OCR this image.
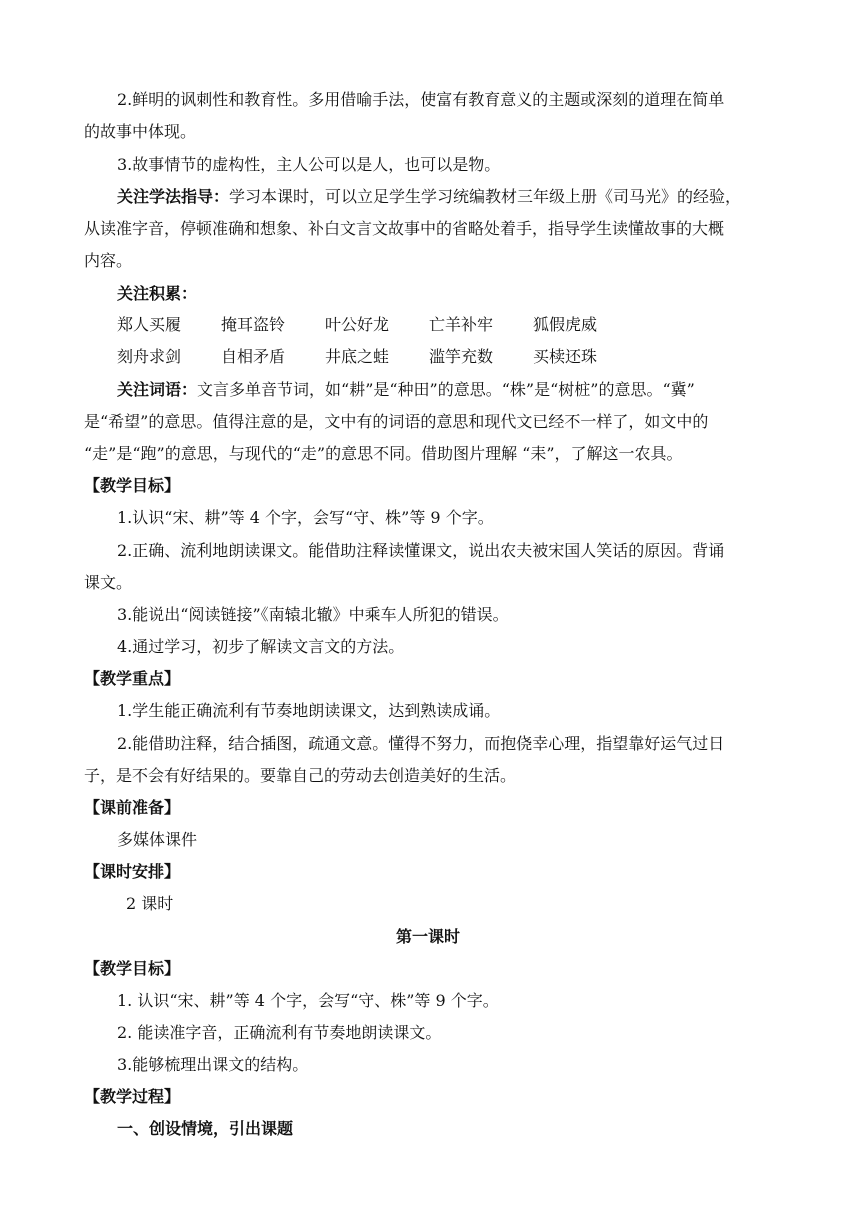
2.鲜明的讽刺性和教育性。多用借喻手法，使富有教育意义的主题或深刻的道理在简单
的故事中体现。
3.故事情节的虚构性，主人公可以是人，也可以是物。
关注学法指导：学习本课时，可以立足学生学习统编教材三年级上册《司马光》的经验，
从读准字音，停顿准确和想象、补白文言文故事中的省略处着手，指导学生读懂故事的大概
内容。
关注积累：
郑人买履 掩耳盗铃 叶公好龙 亡羊补牢 狐假虎威
刻舟求剑 自相矛盾 井底之蛙 滥竽充数 买椟还珠
关注词语：文言多单音节词，如“耕”是“种田”的意思。“株”是“树桩”的意思。“冀”
是“希望”的意思。值得注意的是，文中有的词语的意思和现代文已经不一样了，如文中的
“走”是“跑”的意思，与现代的“走”的意思不同。借助图片理解 “耒”，了解这一农具。
【教学目标】
1.认识“宋、耕”等 4 个字，会写“守、株”等 9 个字。
2.正确、流利地朗读课文。能借助注释读懂课文，说出农夫被宋国人笑话的原因。背诵
课文。
3.能说出“阅读链接”《南辕北辙》中乘车人所犯的错误。
4.通过学习，初步了解读文言文的方法。
【教学重点】
1.学生能正确流利有节奏地朗读课文，达到熟读成诵。
2.能借助注释，结合插图，疏通文意。懂得不努力，而抱侥幸心理，指望靠好运气过日
子，是不会有好结果的。要靠自己的劳动去创造美好的生活。
【课前准备】
多媒体课件
【课时安排】
2 课时
第一课时
【教学目标】
1. 认识“宋、耕”等 4 个字，会写“守、株”等 9 个字。
2. 能读准字音，正确流利有节奏地朗读课文。
3.能够梳理出课文的结构。
【教学过程】
一、创设情境，引出课题
